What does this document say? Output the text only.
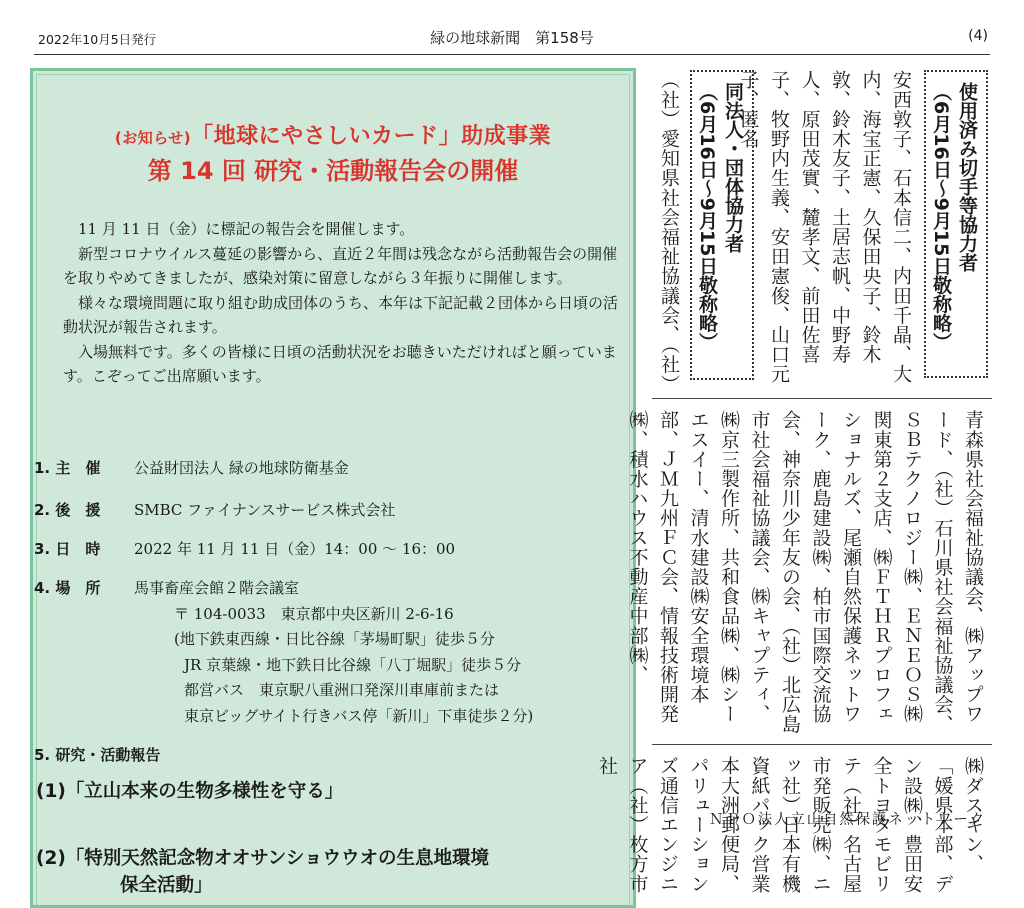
2022年10月5日発行	緑の地球新聞　第158号	(4)
(お知らせ)「地球にやさしいカード」助成事業
第 14 回 研究・活動報告会の開催

11 月 11 日（金）に標記の報告会を開催します。

新型コロナウイルス蔓延の影響から、直近２年間は残念ながら活動報告会の開催を取りやめてきましたが、感染対策に留意しながら３年振りに開催します。

様々な環境問題に取り組む助成団体のうち、本年は下記記載２団体から日頃の活動状況が報告されます。

入場無料です。多くの皆様に日頃の活動状況をお聴きいただければと願っています。こぞってご出席願います。

1. 主　催 公益財団法人 緑の地球防衛基金
2. 後　援 SMBC ファイナンスサービス株式会社
3. 日　時 2022 年 11 月 11 日（金）14：00 ～ 16：00
4. 場　所 馬事畜産会館２階会議室
〒 104-0033　東京都中央区新川 2-6-16
(地下鉄東西線・日比谷線「茅場町駅」徒歩５分
JR 京葉線・地下鉄日比谷線「八丁堀駅」徒歩５分
都営バス　東京駅八重洲口発深川車庫前または
東京ビッグサイト行きバス停「新川」下車徒歩２分)
5. 研究・活動報告
(1)「立山本来の生物多様性を守る」
ＮＰＯ法人立山自然保護ネットワーク
(2)「特別天然記念物オオサンショウウオの生息地環境
保全活動」
使用済み切手等協力者
（6月16日～9月15日敬称略）
安西敦子、石本信二、内田千晶、大内、海宝正憲、久保田央子、鈴木敦、鈴木友子、土居志帆、中野寿人、原田茂實、麓孝文、前田佐喜子、牧野内生義、安田憲俊、山口元子、匿名
同法人・団体協力者
（6月16日～9月15日敬称略）
（社）愛知県社会福祉協議会、（社）
青森県社会福祉協議会、㈱アップワード、（社）石川県社会福祉協議会、ＳＢテクノロジー㈱、ＥＮＥＯＳ㈱関東第２支店、㈱ＦＴＨＲプロフェショナルズ、尾瀬自然保護ネットワーク、鹿島建設㈱、柏市国際交流協会、神奈川少年友の会、（社）北広島市社会福祉協議会、㈱キャプティ、㈱京三製作所、共和食品㈱、㈱シーエスイー、清水建設㈱安全環境本部、ＪＭ九州ＦＣ会、情報技術開発㈱、積水ハウス不動産中部㈱、
㈱ダスキン、「媛県本部、デン設㈱、豊田安全トヨタモビリテ（社）名古屋市発販売㈱、ニッ社）日本有機資紙パック営業本大洲郵便局、パリューションズ通信エンジニア（社）枚方市社
